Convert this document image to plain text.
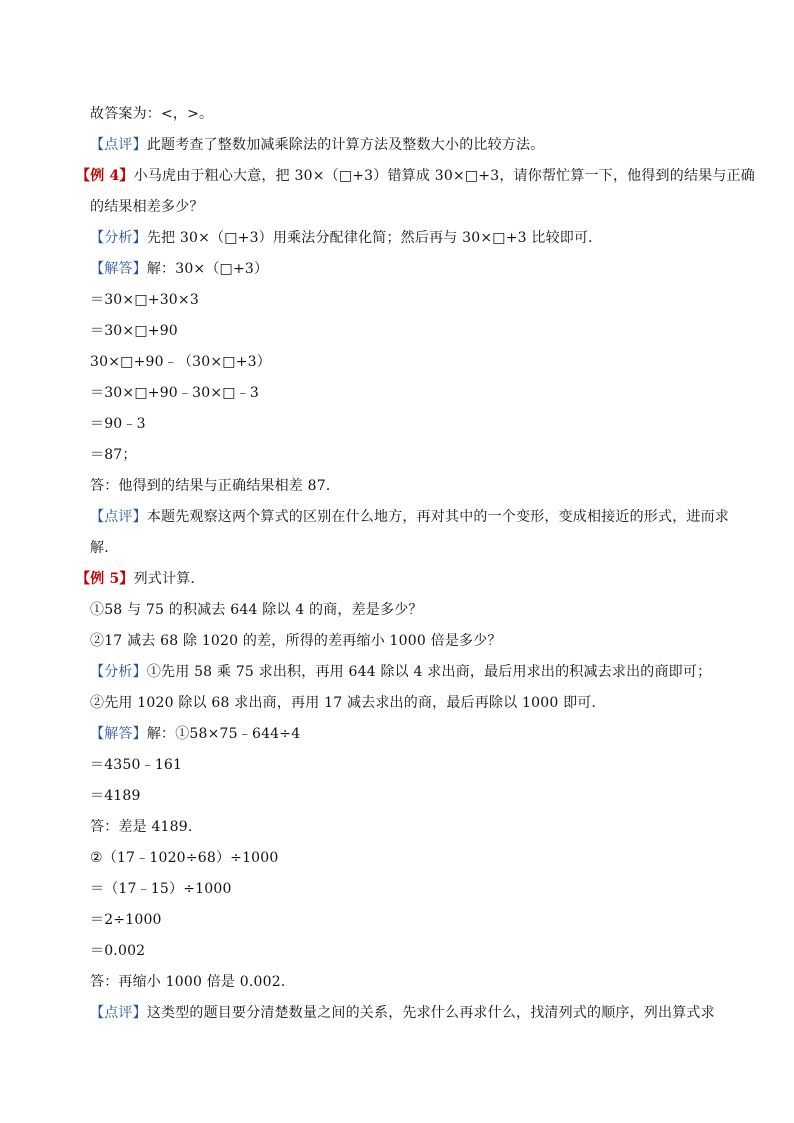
故答案为：<，>。
【点评】此题考查了整数加减乘除法的计算方法及整数大小的比较方法。
【例 4】小马虎由于粗心大意，把 30×（□+3）错算成 30×□+3，请你帮忙算一下，他得到的结果与正确
的结果相差多少？
【分析】先把 30×（□+3）用乘法分配律化简；然后再与 30×□+3 比较即可．
【解答】解：30×（□+3）
＝30×□+30×3
＝30×□+90
30×□+90﹣（30×□+3）
＝30×□+90﹣30×□﹣3
＝90﹣3
＝87；
答：他得到的结果与正确结果相差 87．
【点评】本题先观察这两个算式的区别在什么地方，再对其中的一个变形，变成相接近的形式，进而求
解．
【例 5】列式计算．
①58 与 75 的积减去 644 除以 4 的商，差是多少？
②17 减去 68 除 1020 的差，所得的差再缩小 1000 倍是多少？
【分析】①先用 58 乘 75 求出积，再用 644 除以 4 求出商，最后用求出的积减去求出的商即可；
②先用 1020 除以 68 求出商，再用 17 减去求出的商，最后再除以 1000 即可．
【解答】解：①58×75﹣644÷4
＝4350﹣161
＝4189
答：差是 4189．
②（17﹣1020÷68）÷1000
＝（17﹣15）÷1000
＝2÷1000
＝0.002
答：再缩小 1000 倍是 0.002．
【点评】这类型的题目要分清楚数量之间的关系，先求什么再求什么，找清列式的顺序，列出算式求
